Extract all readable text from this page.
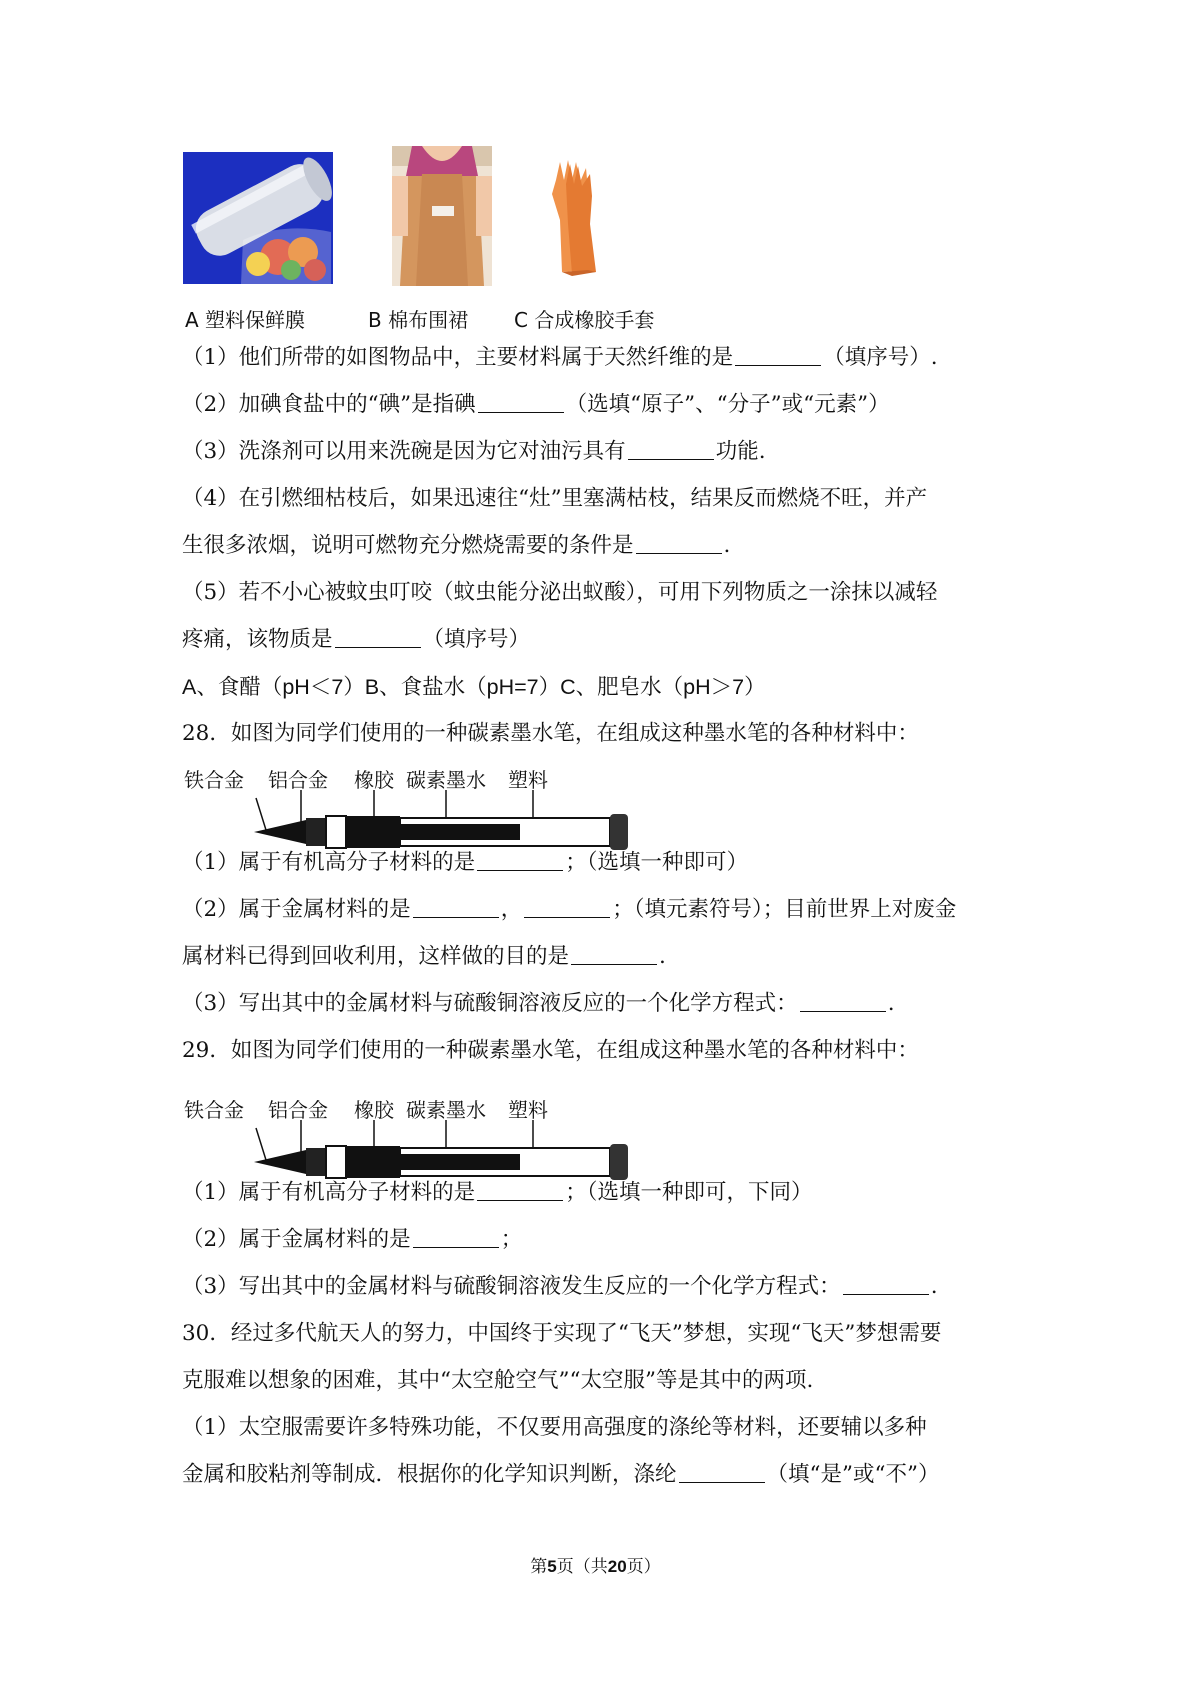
A 塑料保鲜膜	B 棉布围裙 C 合成橡胶手套
（1）他们所带的如图物品中，主要材料属于天然纤维的是	（填序号）.
（2）加碘食盐中的“碘”是指碘	（选填“原子”、“分子”或“元素”）
（3）洗涤剂可以用来洗碗是因为它对油污具有	功能.
（4）在引燃细枯枝后，如果迅速往“灶”里塞满枯枝，结果反而燃烧不旺，并产
生很多浓烟，说明可燃物充分燃烧需要的条件是	.
（5）若不小心被蚊虫叮咬（蚊虫能分泌出蚁酸），可用下列物质之一涂抹以减轻
疼痛，该物质是	（填序号）
A、食醋（pH＜7）B、食盐水（pH=7）C、肥皂水（pH＞7）
28．如图为同学们使用的一种碳素墨水笔，在组成这种墨水笔的各种材料中：
铁合金 铝合金 橡胶 碳素墨水 塑料
（1）属于有机高分子材料的是	；（选填一种即可）
（2）属于金属材料的是	，	；（填元素符号）；目前世界上对废金
属材料已得到回收利用，这样做的目的是	.
（3）写出其中的金属材料与硫酸铜溶液反应的一个化学方程式：	.
29．如图为同学们使用的一种碳素墨水笔，在组成这种墨水笔的各种材料中：
铁合金 铝合金 橡胶 碳素墨水 塑料
（1）属于有机高分子材料的是	；（选填一种即可，下同）
（2）属于金属材料的是	；
（3）写出其中的金属材料与硫酸铜溶液发生反应的一个化学方程式：	.
30．经过多代航天人的努力，中国终于实现了“飞天”梦想，实现“飞天”梦想需要
克服难以想象的困难，其中“太空舱空气”“太空服”等是其中的两项.
（1）太空服需要许多特殊功能，不仅要用高强度的涤纶等材料，还要辅以多种
金属和胶粘剂等制成．根据你的化学知识判断，涤纶	（填“是”或“不”）
第5页（共20页）
